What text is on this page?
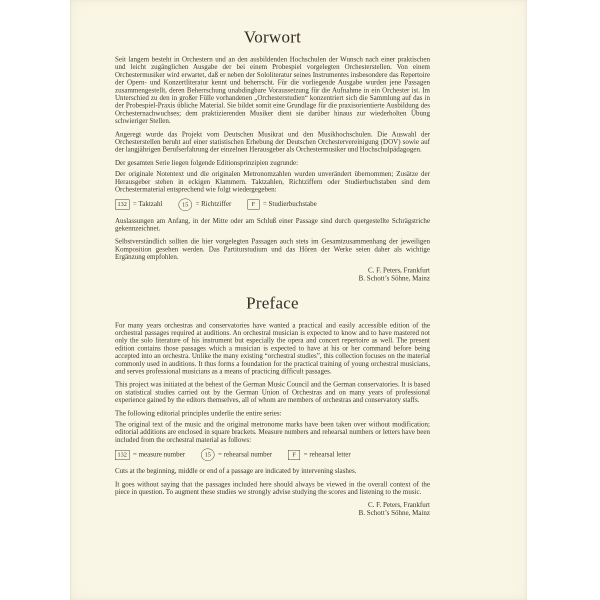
Vorwort

Seit langem besteht in Orchestern und an den ausbildenden Hochschulen der Wunsch nach einer praktischen und leicht zugänglichen Ausgabe der bei einem Probespiel vorgelegten Orchesterstellen. Von einem Orchestermusiker wird erwartet, daß er neben der Sololiteratur seines Instrumentes insbesondere das Repertoire der Opern- und Konzertliteratur kennt und beherrscht. Für die vorliegende Ausgabe wurden jene Passagen zusammengestellt, deren Beherrschung unabdingbare Voraussetzung für die Aufnahme in ein Orchester ist. Im Unterschied zu den in großer Fülle vorhandenen „Orchesterstudien“ konzentriert sich die Sammlung auf das in der Probespiel-Praxis übliche Material. Sie bildet somit eine Grundlage für die praxisorientierte Ausbildung des Orchesternachwuchses; dem praktizierenden Musiker dient sie darüber hinaus zur wiederholten Übung schwieriger Stellen.

Angeregt wurde das Projekt vom Deutschen Musikrat und den Musikhochschulen. Die Auswahl der Orchesterstellen beruht auf einer statistischen Erhebung der Deutschen Orchestervereinigung (DOV) sowie auf der langjährigen Berufserfahrung der einzelnen Herausgeber als Orchestermusiker und Hochschulpädagogen.

Der gesamten Serie liegen folgende Editionsprinzipien zugrunde:

Der originale Notentext und die originalen Metronomzahlen wurden unverändert übernommen; Zusätze der Herausgeber stehen in eckigen Klammern. Taktzahlen, Richtziffern oder Studierbuchstaben sind dem Orchestermaterial entsprechend wie folgt wiedergegeben:

132 = Taktzahl 15 = Richtziffer	F = Studierbuchstabe

Auslassungen am Anfang, in der Mitte oder am Schluß einer Passage sind durch quergestellte Schrägstriche gekennzeichnet.

Selbstverständlich sollten die hier vorgelegten Passagen auch stets im Gesamtzusammenhang der jeweiligen Komposition gesehen werden. Das Partiturstudium und das Hören der Werke seien daher als wichtige Ergänzung empfohlen.

C. F. Peters, Frankfurt
B. Schott’s Söhne, Mainz
Preface

For many years orchestras and conservatories have wanted a practical and easily accessible edition of the orchestral passages required at auditions. An orchestral musician is expected to know and to have mastered not only the solo literature of his instrument but especially the opera and concert repertoire as well. The present edition contains those passages which a musician is expected to have at his or her command before being accepted into an orchestra. Unlike the many existing “orchestral studies”, this collection focuses on the material commonly used in auditions. It thus forms a foundation for the practical training of young orchestral musicians, and serves professional musicians as a means of practicing difficult passages.

This project was initiated at the behest of the German Music Council and the German conservatories. It is based on statistical studies carried out by the German Union of Orchestras and on many years of professional experience gained by the editors themselves, all of whom are members of orchestras and conservatory staffs.

The following editorial principles underlie the entire series:

The original text of the music and the original metronome marks have been taken over without modification; editorial additions are enclosed in square brackets. Measure numbers and rehearsal numbers or letters have been included from the orchestral material as follows:

132 = measure number 15 = rehearsal number	F = rehearsal letter

Cuts at the beginning, middle or end of a passage are indicated by intervening slashes.

It goes without saying that the passages included here should always be viewed in the overall context of the piece in question. To augment these studies we strongly advise studying the scores and listening to the music.

C. F. Peters, Frankfurt
B. Schott’s Söhne, Mainz
